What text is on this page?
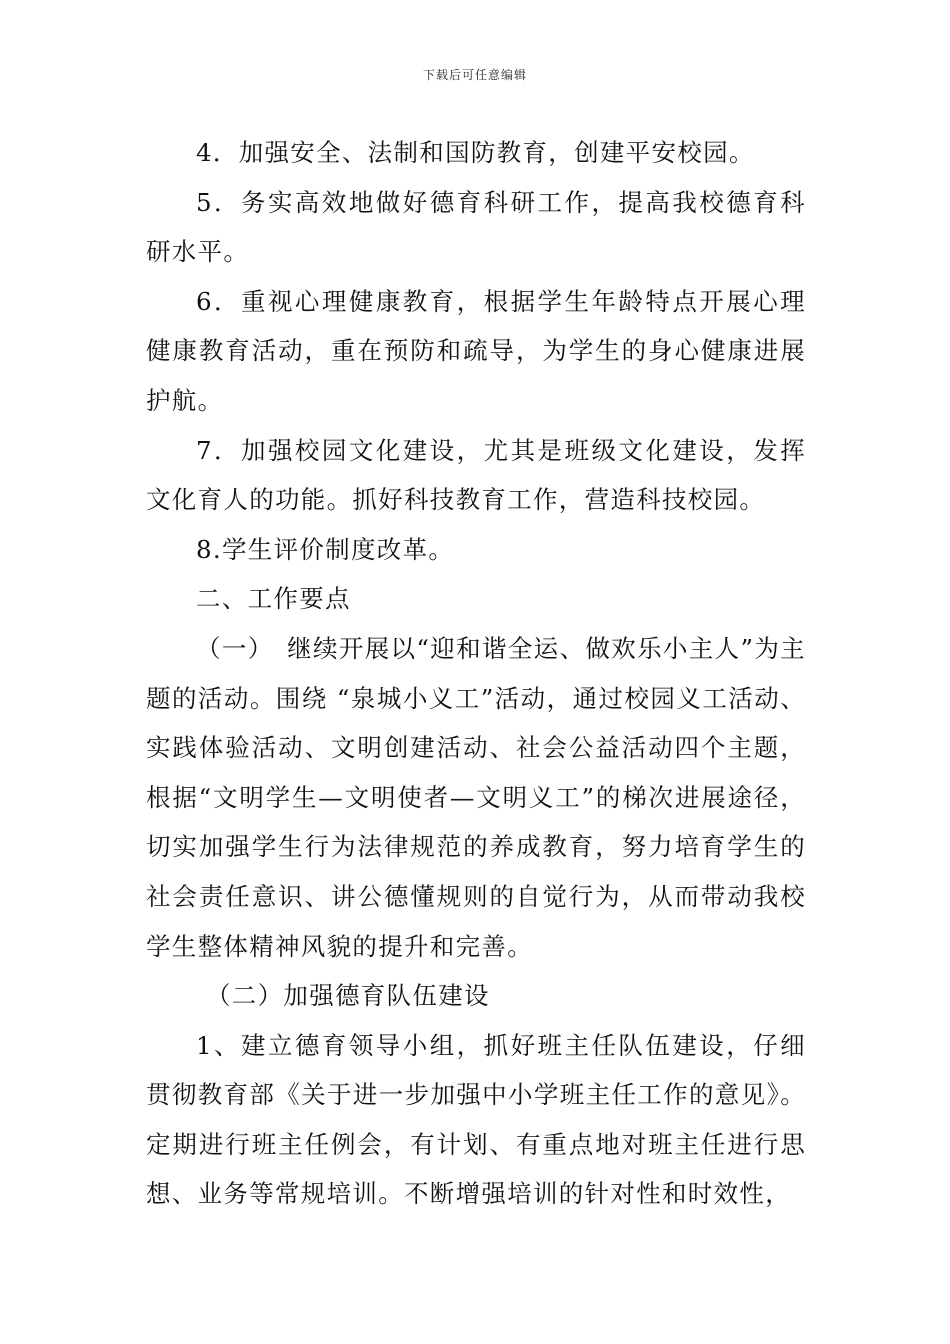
下载后可任意编辑

4．加强安全、法制和国防教育，创建平安校园。

5．务实高效地做好德育科研工作，提高我校德育科研水平。

6．重视心理健康教育，根据学生年龄特点开展心理健康教育活动，重在预防和疏导，为学生的身心健康进展护航。

7．加强校园文化建设，尤其是班级文化建设，发挥文化育人的功能。抓好科技教育工作，营造科技校园。

8.学生评价制度改革。

二、工作要点

（一）　继续开展以“迎和谐全运、做欢乐小主人”为主题的活动。围绕 “泉城小义工”活动，通过校园义工活动、实践体验活动、文明创建活动、社会公益活动四个主题，根据“文明学生—文明使者—文明义工”的梯次进展途径，切实加强学生行为法律规范的养成教育，努力培育学生的社会责任意识、讲公德懂规则的自觉行为，从而带动我校学生整体精神风貌的提升和完善。

（二）加强德育队伍建设

1、建立德育领导小组，抓好班主任队伍建设，仔细贯彻教育部《关于进一步加强中小学班主任工作的意见》。定期进行班主任例会，有计划、有重点地对班主任进行思想、业务等常规培训。不断增强培训的针对性和时效性，
